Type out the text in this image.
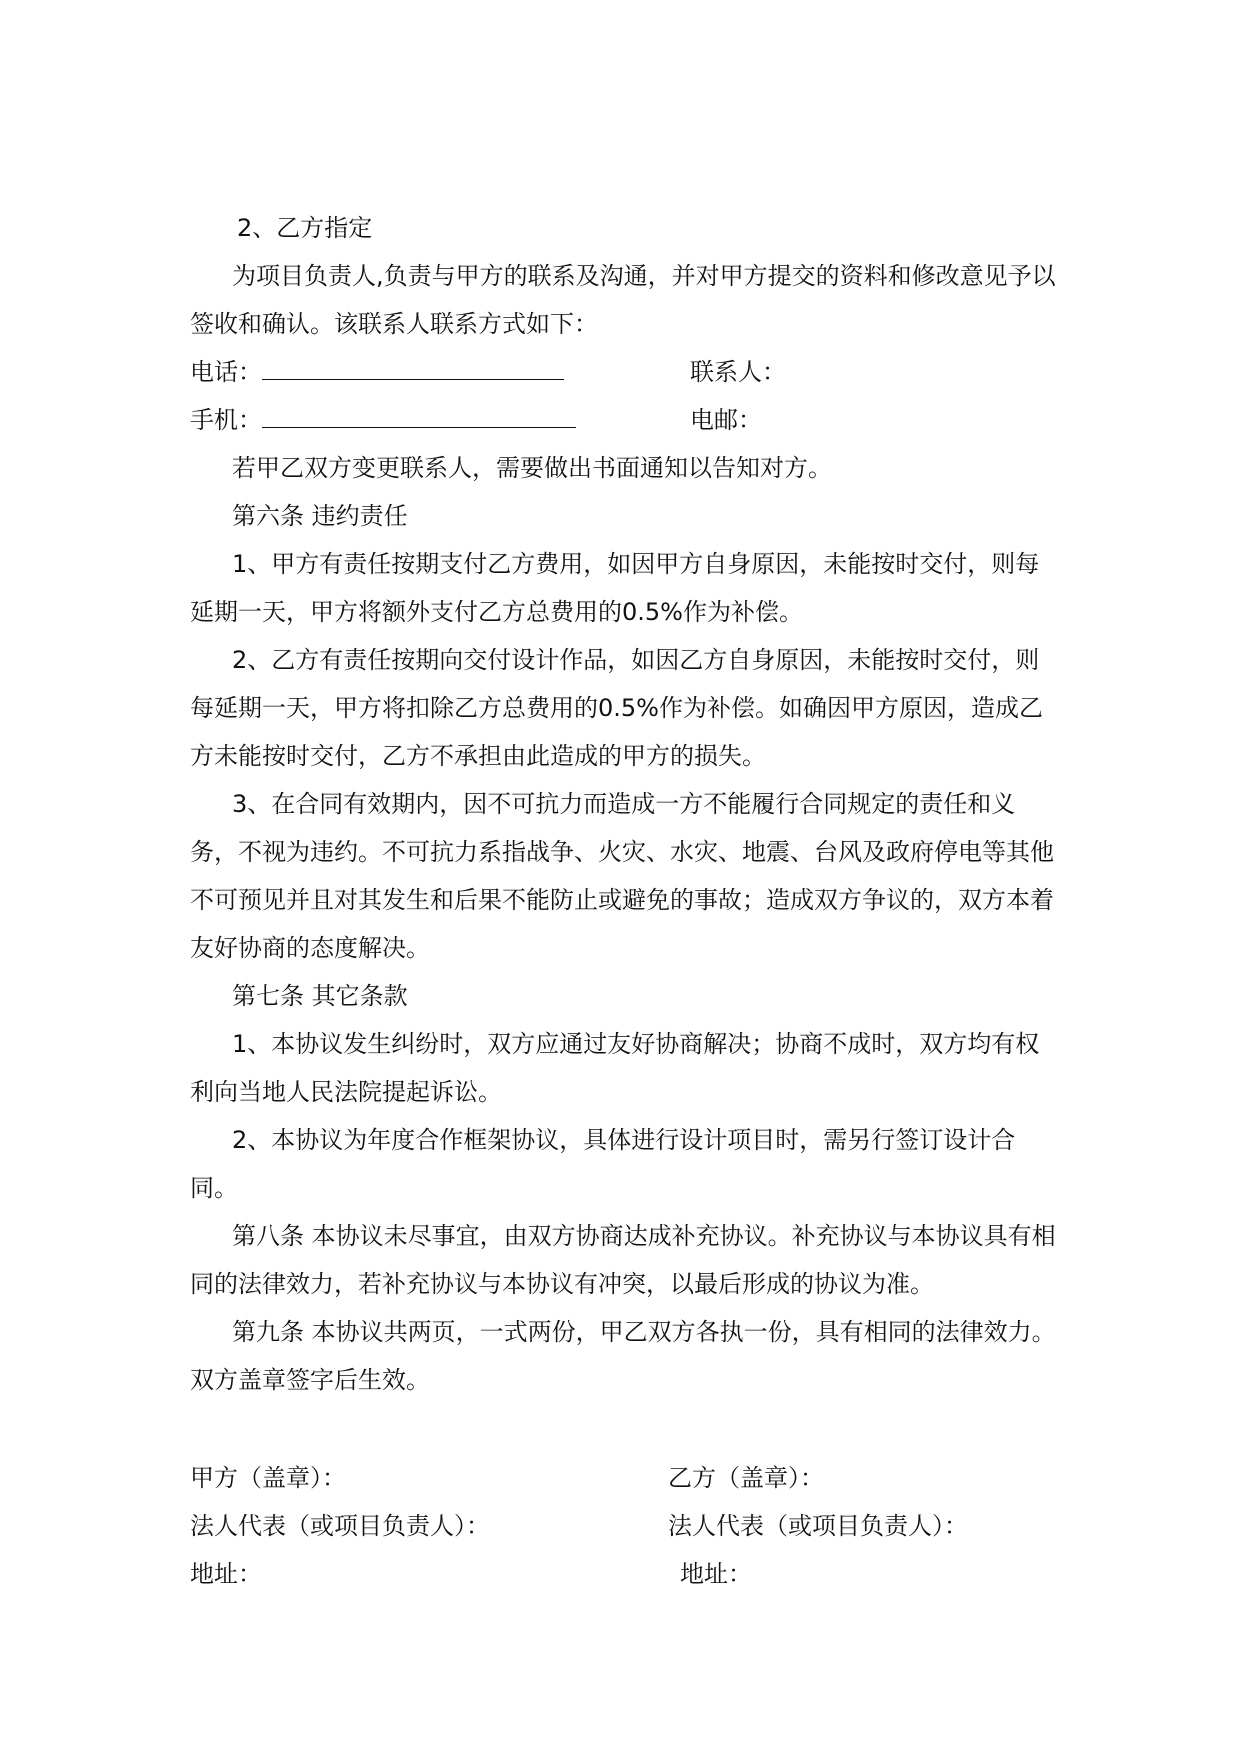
2、乙方指定

为项目负责人,负责与甲方的联系及沟通，并对甲方提交的资料和修改意见予以签收和确认。该联系人联系方式如下：

电话：	联系人：

手机：	电邮：

若甲乙双方变更联系人，需要做出书面通知以告知对方。

第六条 违约责任

1、甲方有责任按期支付乙方费用，如因甲方自身原因，未能按时交付，则每延期一天，甲方将额外支付乙方总费用的0.5%作为补偿。

2、乙方有责任按期向交付设计作品，如因乙方自身原因，未能按时交付，则每延期一天，甲方将扣除乙方总费用的0.5%作为补偿。如确因甲方原因，造成乙方未能按时交付，乙方不承担由此造成的甲方的损失。

3、在合同有效期内，因不可抗力而造成一方不能履行合同规定的责任和义务，不视为违约。不可抗力系指战争、火灾、水灾、地震、台风及政府停电等其他不可预见并且对其发生和后果不能防止或避免的事故；造成双方争议的，双方本着友好协商的态度解决。

第七条 其它条款

1、本协议发生纠纷时，双方应通过友好协商解决；协商不成时，双方均有权利向当地人民法院提起诉讼。

2、本协议为年度合作框架协议，具体进行设计项目时，需另行签订设计合同。

第八条 本协议未尽事宜，由双方协商达成补充协议。补充协议与本协议具有相同的法律效力，若补充协议与本协议有冲突，以最后形成的协议为准。

第九条 本协议共两页，一式两份，甲乙双方各执一份，具有相同的法律效力。双方盖章签字后生效。

甲方（盖章）：	乙方（盖章）：

法人代表（或项目负责人）：	法人代表（或项目负责人）：

地址：	地址：
